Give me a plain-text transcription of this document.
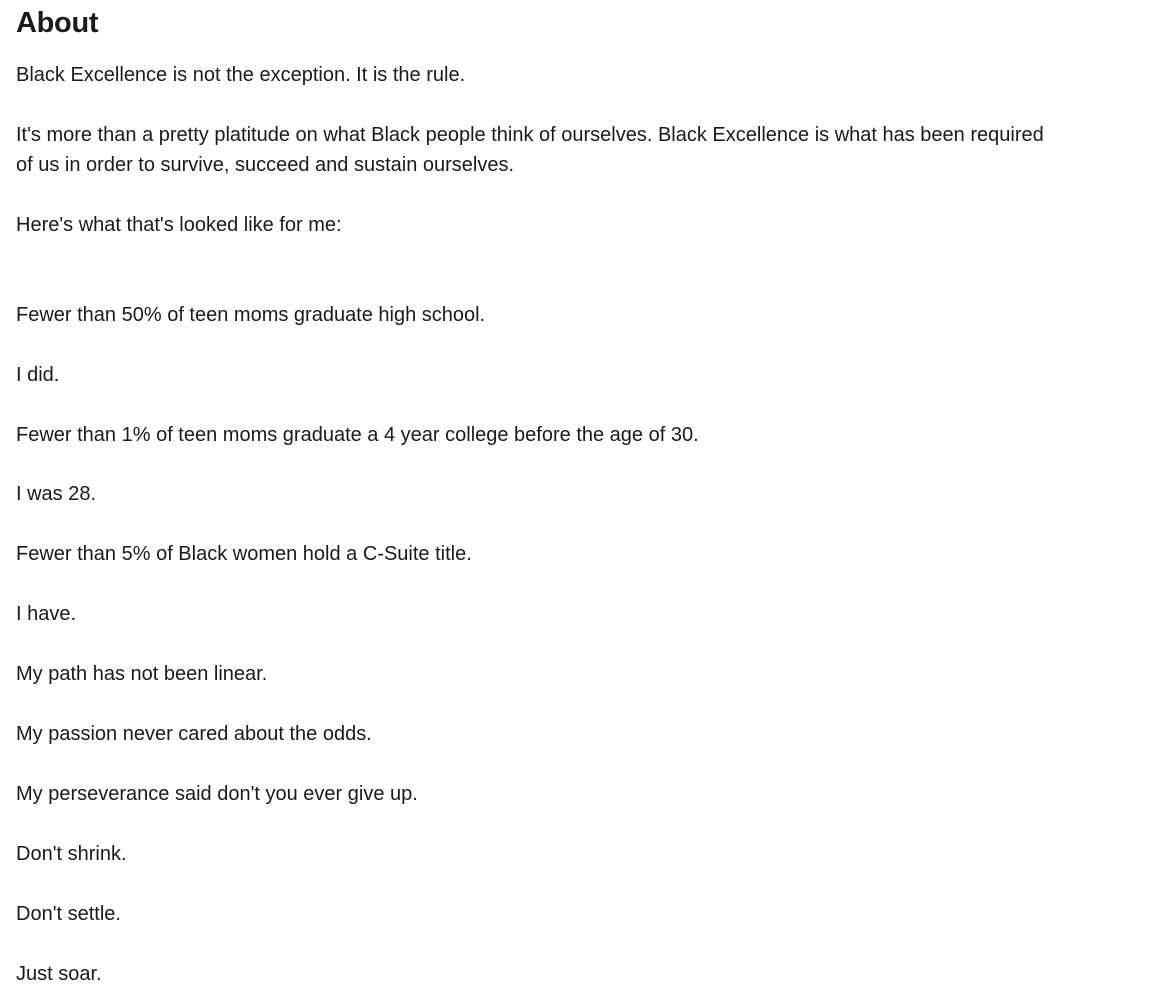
About

Black Excellence is not the exception. It is the rule.

It's more than a pretty platitude on what Black people think of ourselves. Black Excellence is what has been required

of us in order to survive, succeed and sustain ourselves.

Here's what that's looked like for me:

Fewer than 50% of teen moms graduate high school.

I did.

Fewer than 1% of teen moms graduate a 4 year college before the age of 30.

I was 28.

Fewer than 5% of Black women hold a C-Suite title.

I have.

My path has not been linear.

My passion never cared about the odds.

My perseverance said don't you ever give up.

Don't shrink.

Don't settle.

Just soar.
